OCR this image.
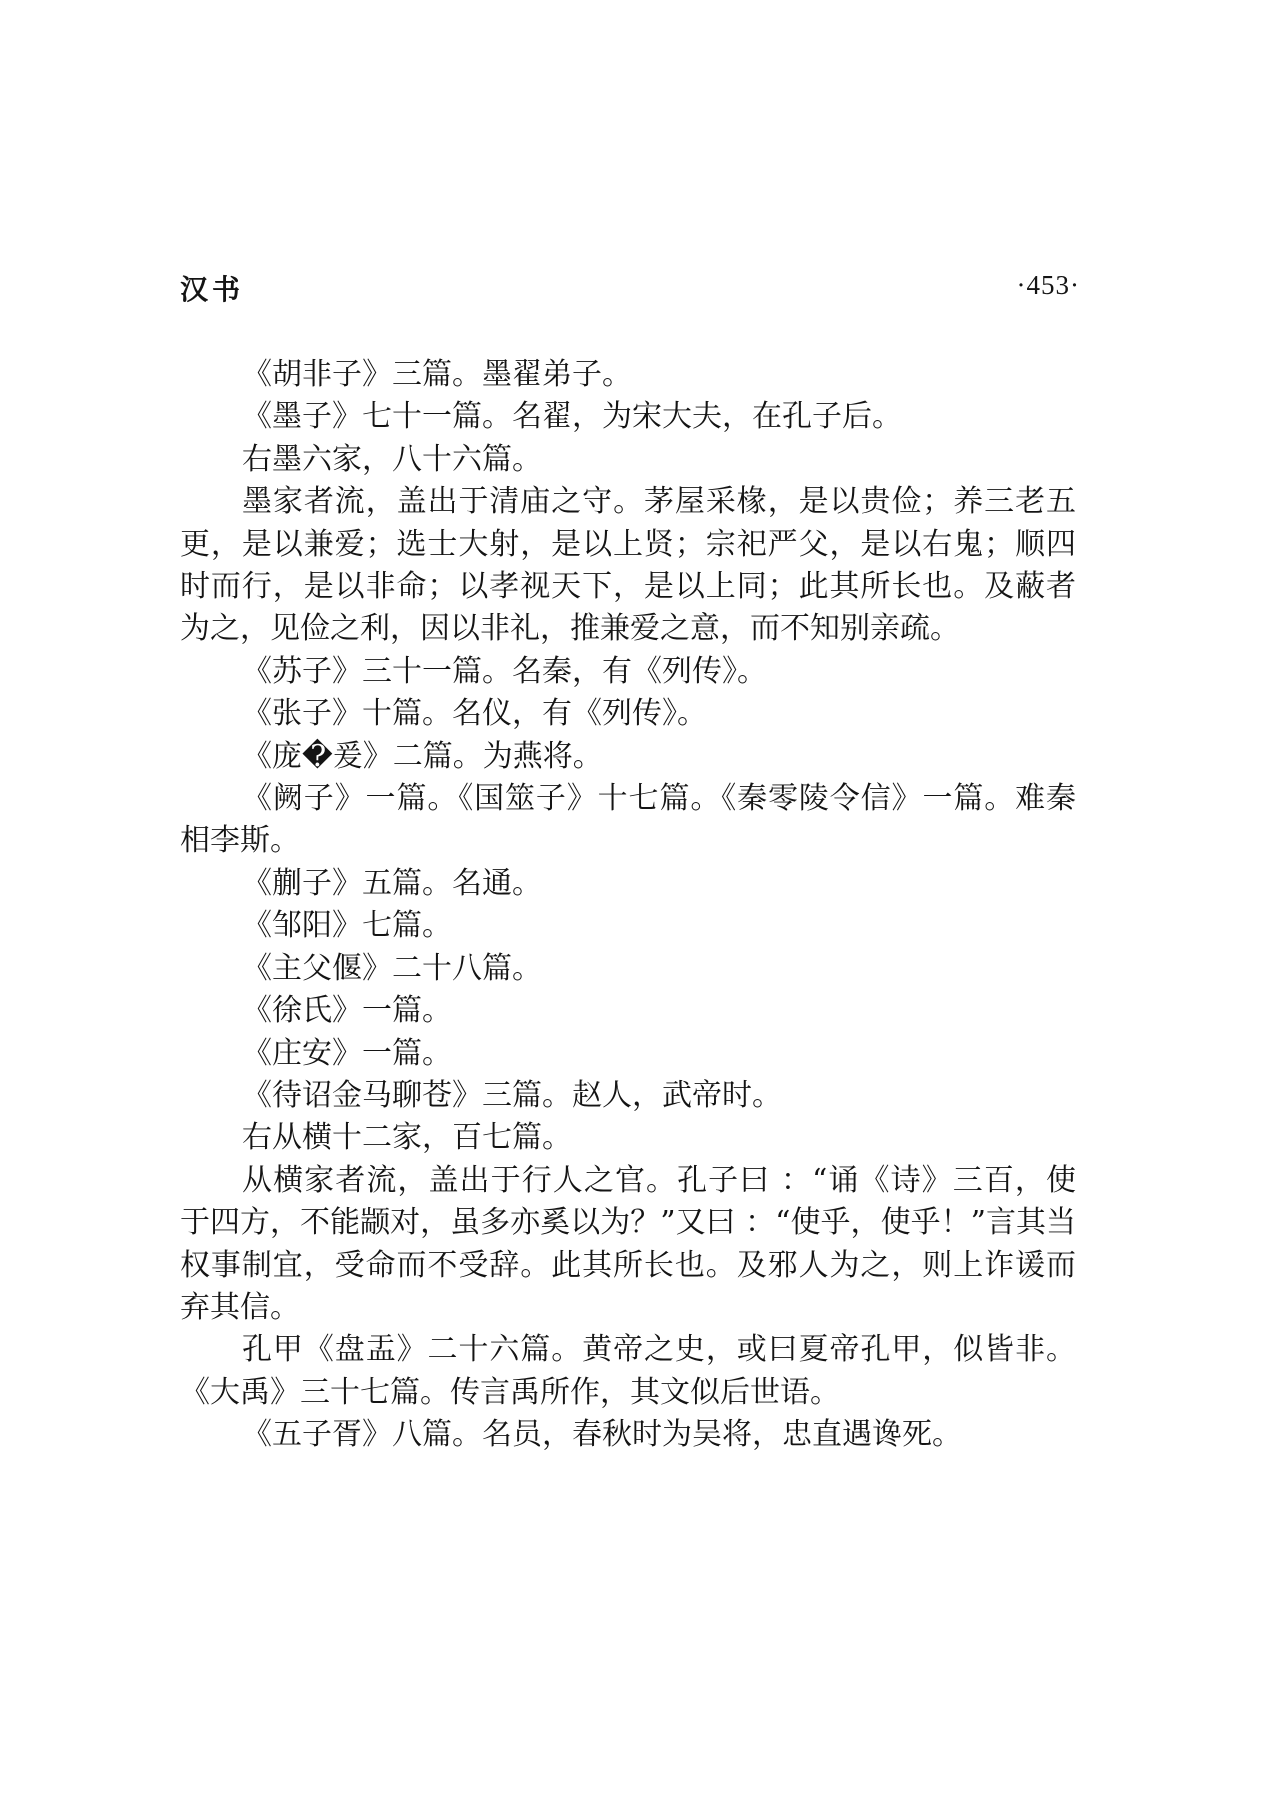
汉书	·453·

《胡非子》三篇。墨翟弟子。

《墨子》七十一篇。名翟，为宋大夫，在孔子后。

右墨六家，八十六篇。

墨家者流，盖出于清庙之守。茅屋采椽，是以贵俭；养三老五更，是以兼爱；选士大射，是以上贤；宗祀严父，是以右鬼；顺四时而行，是以非命；以孝视天下，是以上同；此其所长也。及蔽者为之，见俭之利，因以非礼，推兼爱之意，而不知别亲疏。

《苏子》三十一篇。名秦，有《列传》。

《张子》十篇。名仪，有《列传》。

《庞�爰》二篇。为燕将。

《阙子》一篇。《国筮子》十七篇。《秦零陵令信》一篇。难秦相李斯。

《蒯子》五篇。名通。

《邹阳》七篇。

《主父偃》二十八篇。

《徐氏》一篇。

《庄安》一篇。

《待诏金马聊苍》三篇。赵人，武帝时。

右从横十二家，百七篇。

从横家者流，盖出于行人之官。孔子曰 ：“诵《诗》三百，使于四方，不能颛对，虽多亦奚以为？”又曰 ：“使乎，使乎！”言其当权事制宜，受命而不受辞。此其所长也。及邪人为之，则上诈谖而弃其信。

孔甲《盘盂》二十六篇。黄帝之史，或曰夏帝孔甲，似皆非。《大禹》三十七篇。传言禹所作，其文似后世语。

《五子胥》八篇。名员，春秋时为吴将，忠直遇谗死。
